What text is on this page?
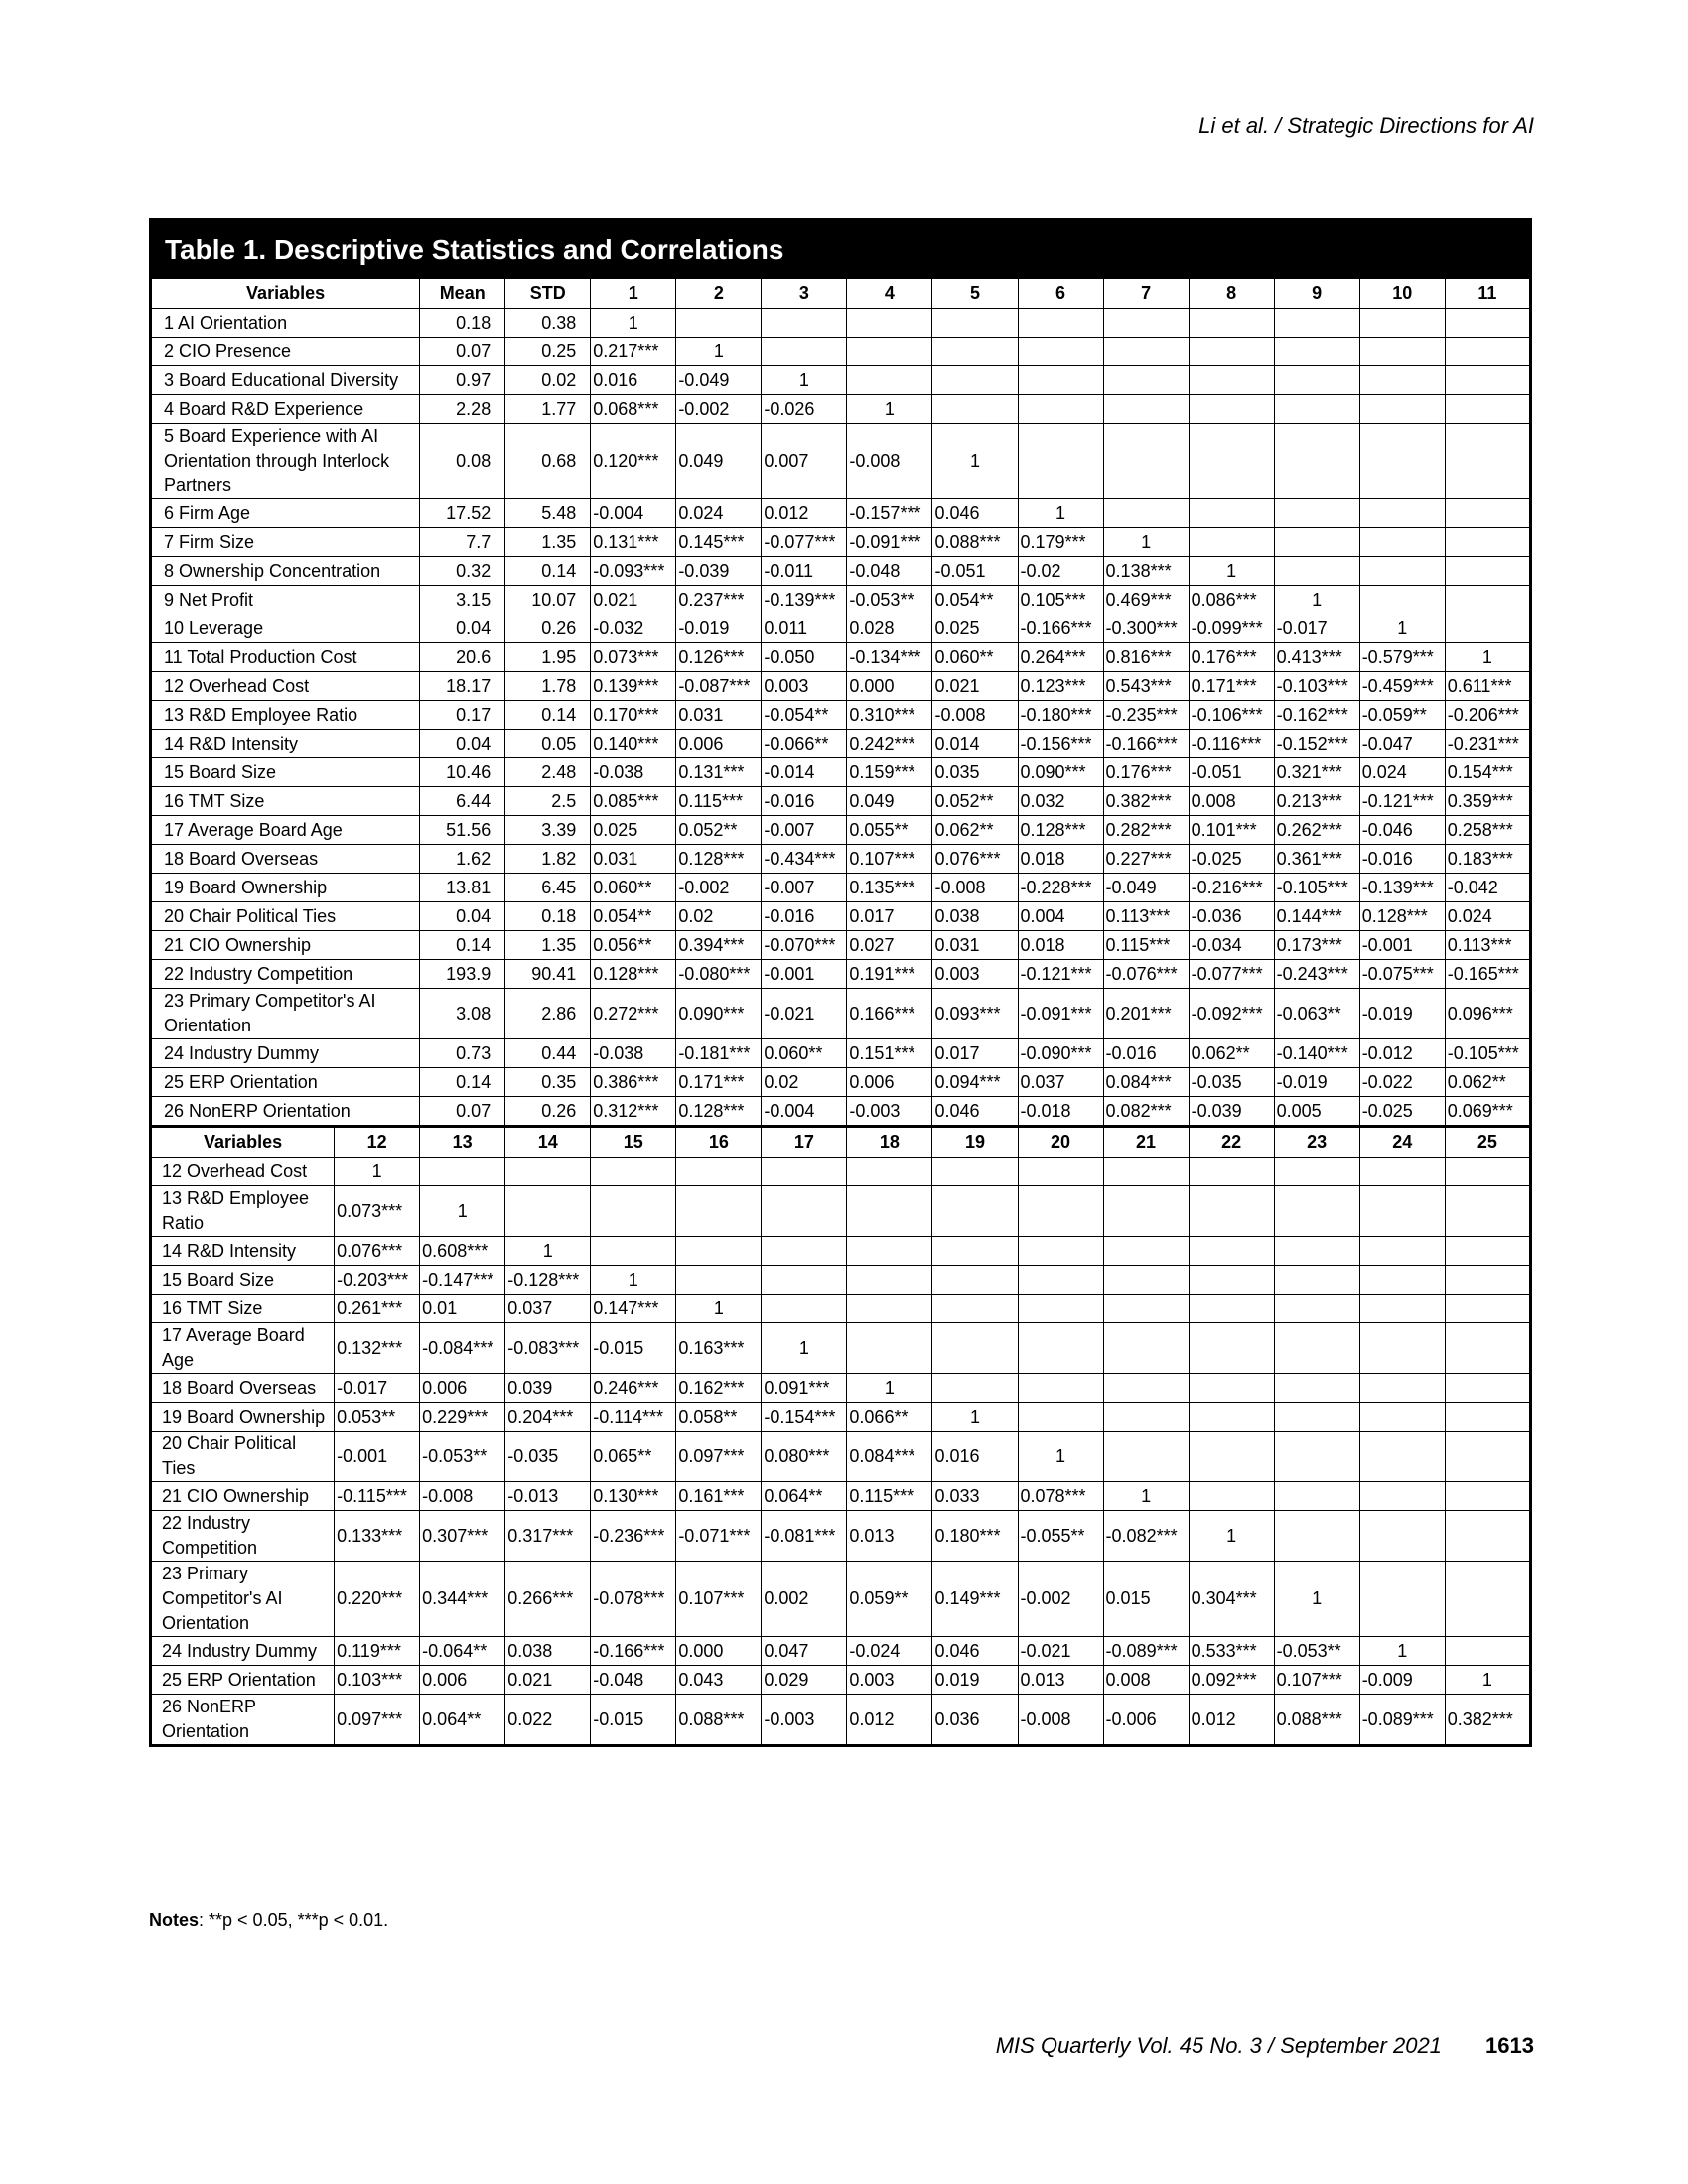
Li et al. / Strategic Directions for AI
Table 1. Descriptive Statistics and Correlations
Variables		Mean	STD	1	2	3	4	5	6	7	8	9	10	11
1 AI Orientation		0.18	0.38	1										
2 CIO Presence		0.07	0.25	0.217***	1									
3 Board Educational Diversity		0.97	0.02	0.016	-0.049	1								
4 Board R&D Experience		2.28	1.77	0.068***	-0.002	-0.026	1							
5 Board Experience with AI Orientation through Interlock Partners		0.08	0.68	0.120***	0.049	0.007	-0.008	1						
6 Firm Age		17.52	5.48	-0.004	0.024	0.012	-0.157***	0.046	1					
7 Firm Size		7.7	1.35	0.131***	0.145***	-0.077***	-0.091***	0.088***	0.179***	1				
8 Ownership Concentration		0.32	0.14	-0.093***	-0.039	-0.011	-0.048	-0.051	-0.02	0.138***	1			
9 Net Profit		3.15	10.07	0.021	0.237***	-0.139***	-0.053**	0.054**	0.105***	0.469***	0.086***	1		
10 Leverage		0.04	0.26	-0.032	-0.019	0.011	0.028	0.025	-0.166***	-0.300***	-0.099***	-0.017	1	
11 Total Production Cost		20.6	1.95	0.073***	0.126***	-0.050	-0.134***	0.060**	0.264***	0.816***	0.176***	0.413***	-0.579***	1
12 Overhead Cost		18.17	1.78	0.139***	-0.087***	0.003	0.000	0.021	0.123***	0.543***	0.171***	-0.103***	-0.459***	0.611***
13 R&D Employee Ratio		0.17	0.14	0.170***	0.031	-0.054**	0.310***	-0.008	-0.180***	-0.235***	-0.106***	-0.162***	-0.059**	-0.206***
14 R&D Intensity		0.04	0.05	0.140***	0.006	-0.066**	0.242***	0.014	-0.156***	-0.166***	-0.116***	-0.152***	-0.047	-0.231***
15 Board Size		10.46	2.48	-0.038	0.131***	-0.014	0.159***	0.035	0.090***	0.176***	-0.051	0.321***	0.024	0.154***
16 TMT Size		6.44	2.5	0.085***	0.115***	-0.016	0.049	0.052**	0.032	0.382***	0.008	0.213***	-0.121***	0.359***
17 Average Board Age		51.56	3.39	0.025	0.052**	-0.007	0.055**	0.062**	0.128***	0.282***	0.101***	0.262***	-0.046	0.258***
18 Board Overseas		1.62	1.82	0.031	0.128***	-0.434***	0.107***	0.076***	0.018	0.227***	-0.025	0.361***	-0.016	0.183***
19 Board Ownership		13.81	6.45	0.060**	-0.002	-0.007	0.135***	-0.008	-0.228***	-0.049	-0.216***	-0.105***	-0.139***	-0.042
20 Chair Political Ties		0.04	0.18	0.054**	0.02	-0.016	0.017	0.038	0.004	0.113***	-0.036	0.144***	0.128***	0.024
21 CIO Ownership		0.14	1.35	0.056**	0.394***	-0.070***	0.027	0.031	0.018	0.115***	-0.034	0.173***	-0.001	0.113***
22 Industry Competition		193.9	90.41	0.128***	-0.080***	-0.001	0.191***	0.003	-0.121***	-0.076***	-0.077***	-0.243***	-0.075***	-0.165***
23 Primary Competitor's AI Orientation		3.08	2.86	0.272***	0.090***	-0.021	0.166***	0.093***	-0.091***	0.201***	-0.092***	-0.063**	-0.019	0.096***
24 Industry Dummy		0.73	0.44	-0.038	-0.181***	0.060**	0.151***	0.017	-0.090***	-0.016	0.062**	-0.140***	-0.012	-0.105***
25 ERP Orientation		0.14	0.35	0.386***	0.171***	0.02	0.006	0.094***	0.037	0.084***	-0.035	-0.019	-0.022	0.062**
26 NonERP Orientation		0.07	0.26	0.312***	0.128***	-0.004	-0.003	0.046	-0.018	0.082***	-0.039	0.005	-0.025	0.069***
Variables	12	13	14	15	16	17	18	19	20	21	22	23	24	25
12 Overhead Cost	1													
13 R&D Employee Ratio	0.073***	1												
14 R&D Intensity	0.076***	0.608***	1											
15 Board Size	-0.203***	-0.147***	-0.128***	1										
16 TMT Size	0.261***	0.01	0.037	0.147***	1									
17 Average Board Age	0.132***	-0.084***	-0.083***	-0.015	0.163***	1								
18 Board Overseas	-0.017	0.006	0.039	0.246***	0.162***	0.091***	1							
19 Board Ownership	0.053**	0.229***	0.204***	-0.114***	0.058**	-0.154***	0.066**	1						
20 Chair Political Ties	-0.001	-0.053**	-0.035	0.065**	0.097***	0.080***	0.084***	0.016	1					
21 CIO Ownership	-0.115***	-0.008	-0.013	0.130***	0.161***	0.064**	0.115***	0.033	0.078***	1				
22 Industry Competition	0.133***	0.307***	0.317***	-0.236***	-0.071***	-0.081***	0.013	0.180***	-0.055**	-0.082***	1			
23 Primary Competitor's AI Orientation	0.220***	0.344***	0.266***	-0.078***	0.107***	0.002	0.059**	0.149***	-0.002	0.015	0.304***	1		
24 Industry Dummy	0.119***	-0.064**	0.038	-0.166***	0.000	0.047	-0.024	0.046	-0.021	-0.089***	0.533***	-0.053**	1	
25 ERP Orientation	0.103***	0.006	0.021	-0.048	0.043	0.029	0.003	0.019	0.013	0.008	0.092***	0.107***	-0.009	1
26 NonERP Orientation	0.097***	0.064**	0.022	-0.015	0.088***	-0.003	0.012	0.036	-0.008	-0.006	0.012	0.088***	-0.089***	0.382***
Notes: **p < 0.05, ***p < 0.01.
MIS Quarterly Vol. 45 No. 3 / September 2021 1613
